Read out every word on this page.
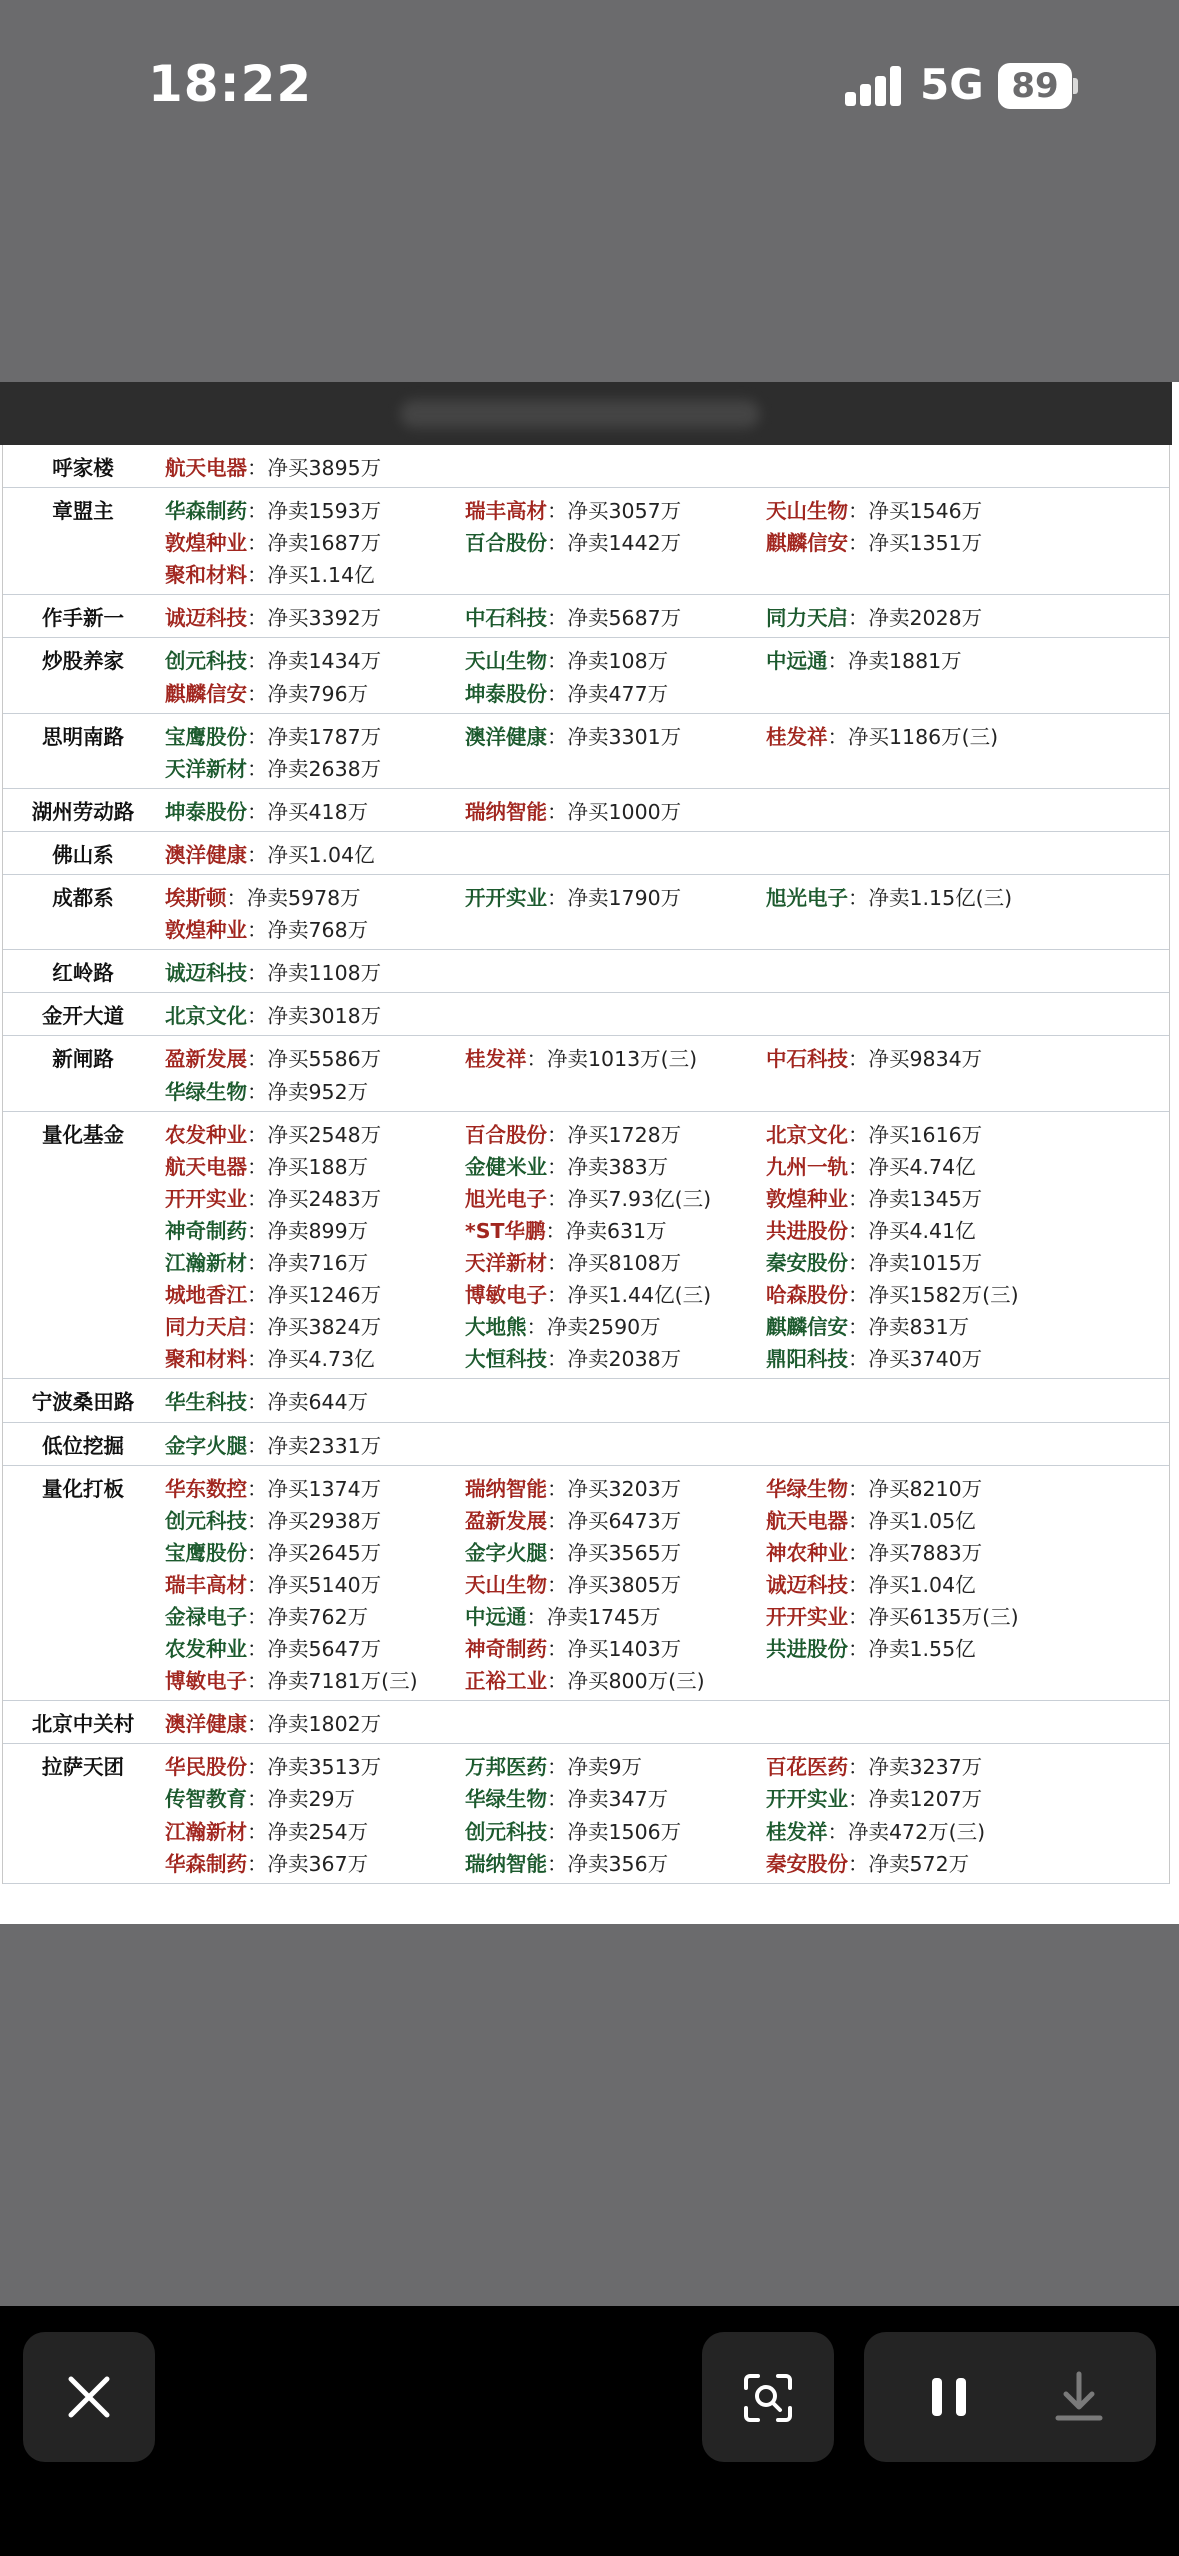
18:22	5G 89
呼家楼	航天电器：净买3895万
章盟主	华森制药：净卖1593万	瑞丰高材：净买3057万	天山生物：净买1546万
敦煌种业：净卖1687万	百合股份：净卖1442万	麒麟信安：净买1351万
聚和材料：净买1.14亿
作手新一	诚迈科技：净买3392万	中石科技：净卖5687万	同力天启：净卖2028万
炒股养家	创元科技：净卖1434万	天山生物：净卖108万	中远通：净卖1881万
麒麟信安：净卖796万	坤泰股份：净卖477万
思明南路	宝鹰股份：净卖1787万	澳洋健康：净卖3301万	桂发祥：净买1186万(三)
天洋新材：净卖2638万
湖州劳动路	坤泰股份：净买418万	瑞纳智能：净买1000万
佛山系	澳洋健康：净买1.04亿
成都系	埃斯顿：净卖5978万	开开实业：净卖1790万	旭光电子：净卖1.15亿(三)
敦煌种业：净卖768万
红岭路	诚迈科技：净卖1108万
金开大道	北京文化：净卖3018万
新闸路	盈新发展：净买5586万	桂发祥：净卖1013万(三)	中石科技：净买9834万
华绿生物：净卖952万
量化基金	农发种业：净买2548万	百合股份：净买1728万	北京文化：净买1616万
航天电器：净买188万	金健米业：净卖383万	九州一轨：净买4.74亿
开开实业：净买2483万	旭光电子：净买7.93亿(三)	敦煌种业：净卖1345万
神奇制药：净卖899万	*ST华鹏：净卖631万	共进股份：净买4.41亿
江瀚新材：净卖716万	天洋新材：净买8108万	秦安股份：净卖1015万
城地香江：净买1246万	博敏电子：净买1.44亿(三)	哈森股份：净买1582万(三)
同力天启：净买3824万	大地熊：净卖2590万	麒麟信安：净卖831万
聚和材料：净买4.73亿	大恒科技：净卖2038万	鼎阳科技：净买3740万
宁波桑田路	华生科技：净卖644万
低位挖掘	金字火腿：净卖2331万
量化打板	华东数控：净买1374万	瑞纳智能：净买3203万	华绿生物：净买8210万
创元科技：净买2938万	盈新发展：净买6473万	航天电器：净买1.05亿
宝鹰股份：净买2645万	金字火腿：净买3565万	神农种业：净买7883万
瑞丰高材：净买5140万	天山生物：净买3805万	诚迈科技：净买1.04亿
金禄电子：净卖762万	中远通：净卖1745万	开开实业：净买6135万(三)
农发种业：净卖5647万	神奇制药：净买1403万	共进股份：净卖1.55亿
博敏电子：净卖7181万(三) 正裕工业：净买800万(三)
北京中关村	澳洋健康：净卖1802万
拉萨天团	华民股份：净卖3513万	万邦医药：净卖9万	百花医药：净卖3237万
传智教育：净卖29万	华绿生物：净卖347万	开开实业：净卖1207万
江瀚新材：净卖254万	创元科技：净卖1506万	桂发祥：净卖472万(三)
华森制药：净卖367万	瑞纳智能：净卖356万	秦安股份：净卖572万
